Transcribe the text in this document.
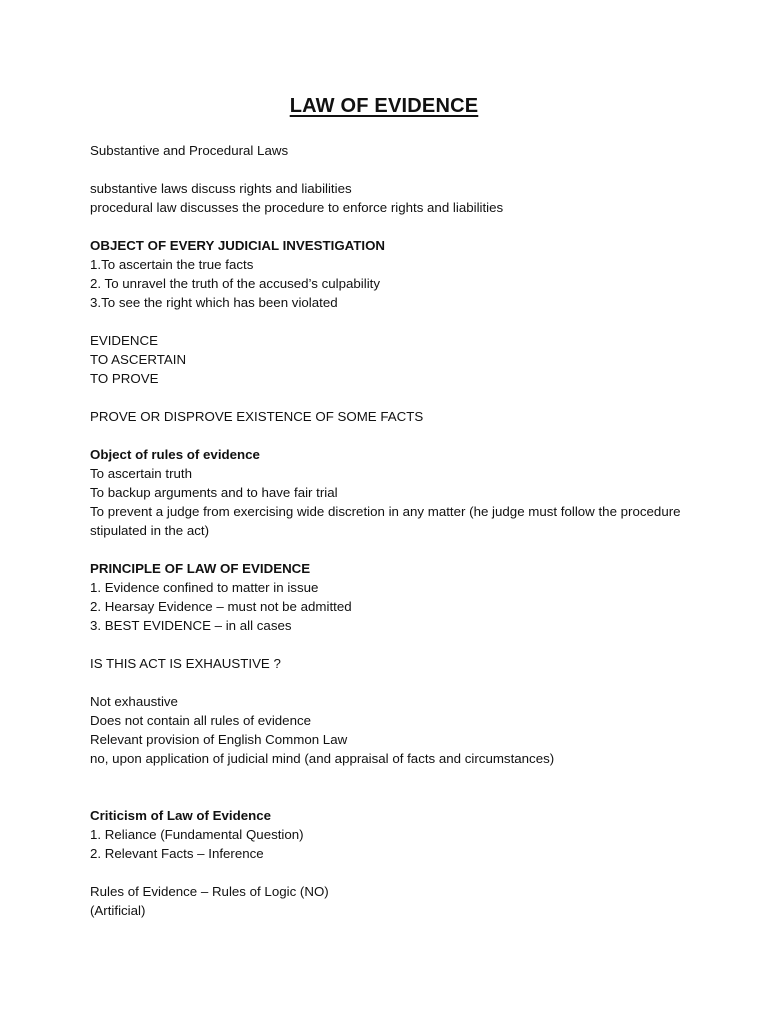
LAW OF EVIDENCE
Substantive and Procedural Laws
substantive laws discuss rights and liabilities
procedural law discusses the procedure to enforce rights and liabilities
OBJECT OF EVERY JUDICIAL INVESTIGATION
1.To ascertain the true facts
2. To unravel the truth of the accused’s culpability
3.To see the right which has been violated
EVIDENCE
TO ASCERTAIN
TO PROVE
PROVE OR DISPROVE EXISTENCE OF SOME FACTS
Object of rules of evidence
To ascertain truth
To backup arguments and to have fair trial
To prevent a judge from exercising wide discretion in any matter (he judge must follow the procedure stipulated in the act)
PRINCIPLE OF LAW OF EVIDENCE
1. Evidence confined to matter in issue
2. Hearsay Evidence – must not be admitted
3. BEST EVIDENCE – in all cases
IS THIS ACT IS EXHAUSTIVE ?
Not exhaustive
Does not contain all rules of evidence
Relevant provision of English Common Law
no, upon application of judicial mind (and appraisal of facts and circumstances)
Criticism of Law of Evidence
1. Reliance (Fundamental Question)
2. Relevant Facts – Inference
Rules of Evidence – Rules of Logic (NO)
(Artificial)
